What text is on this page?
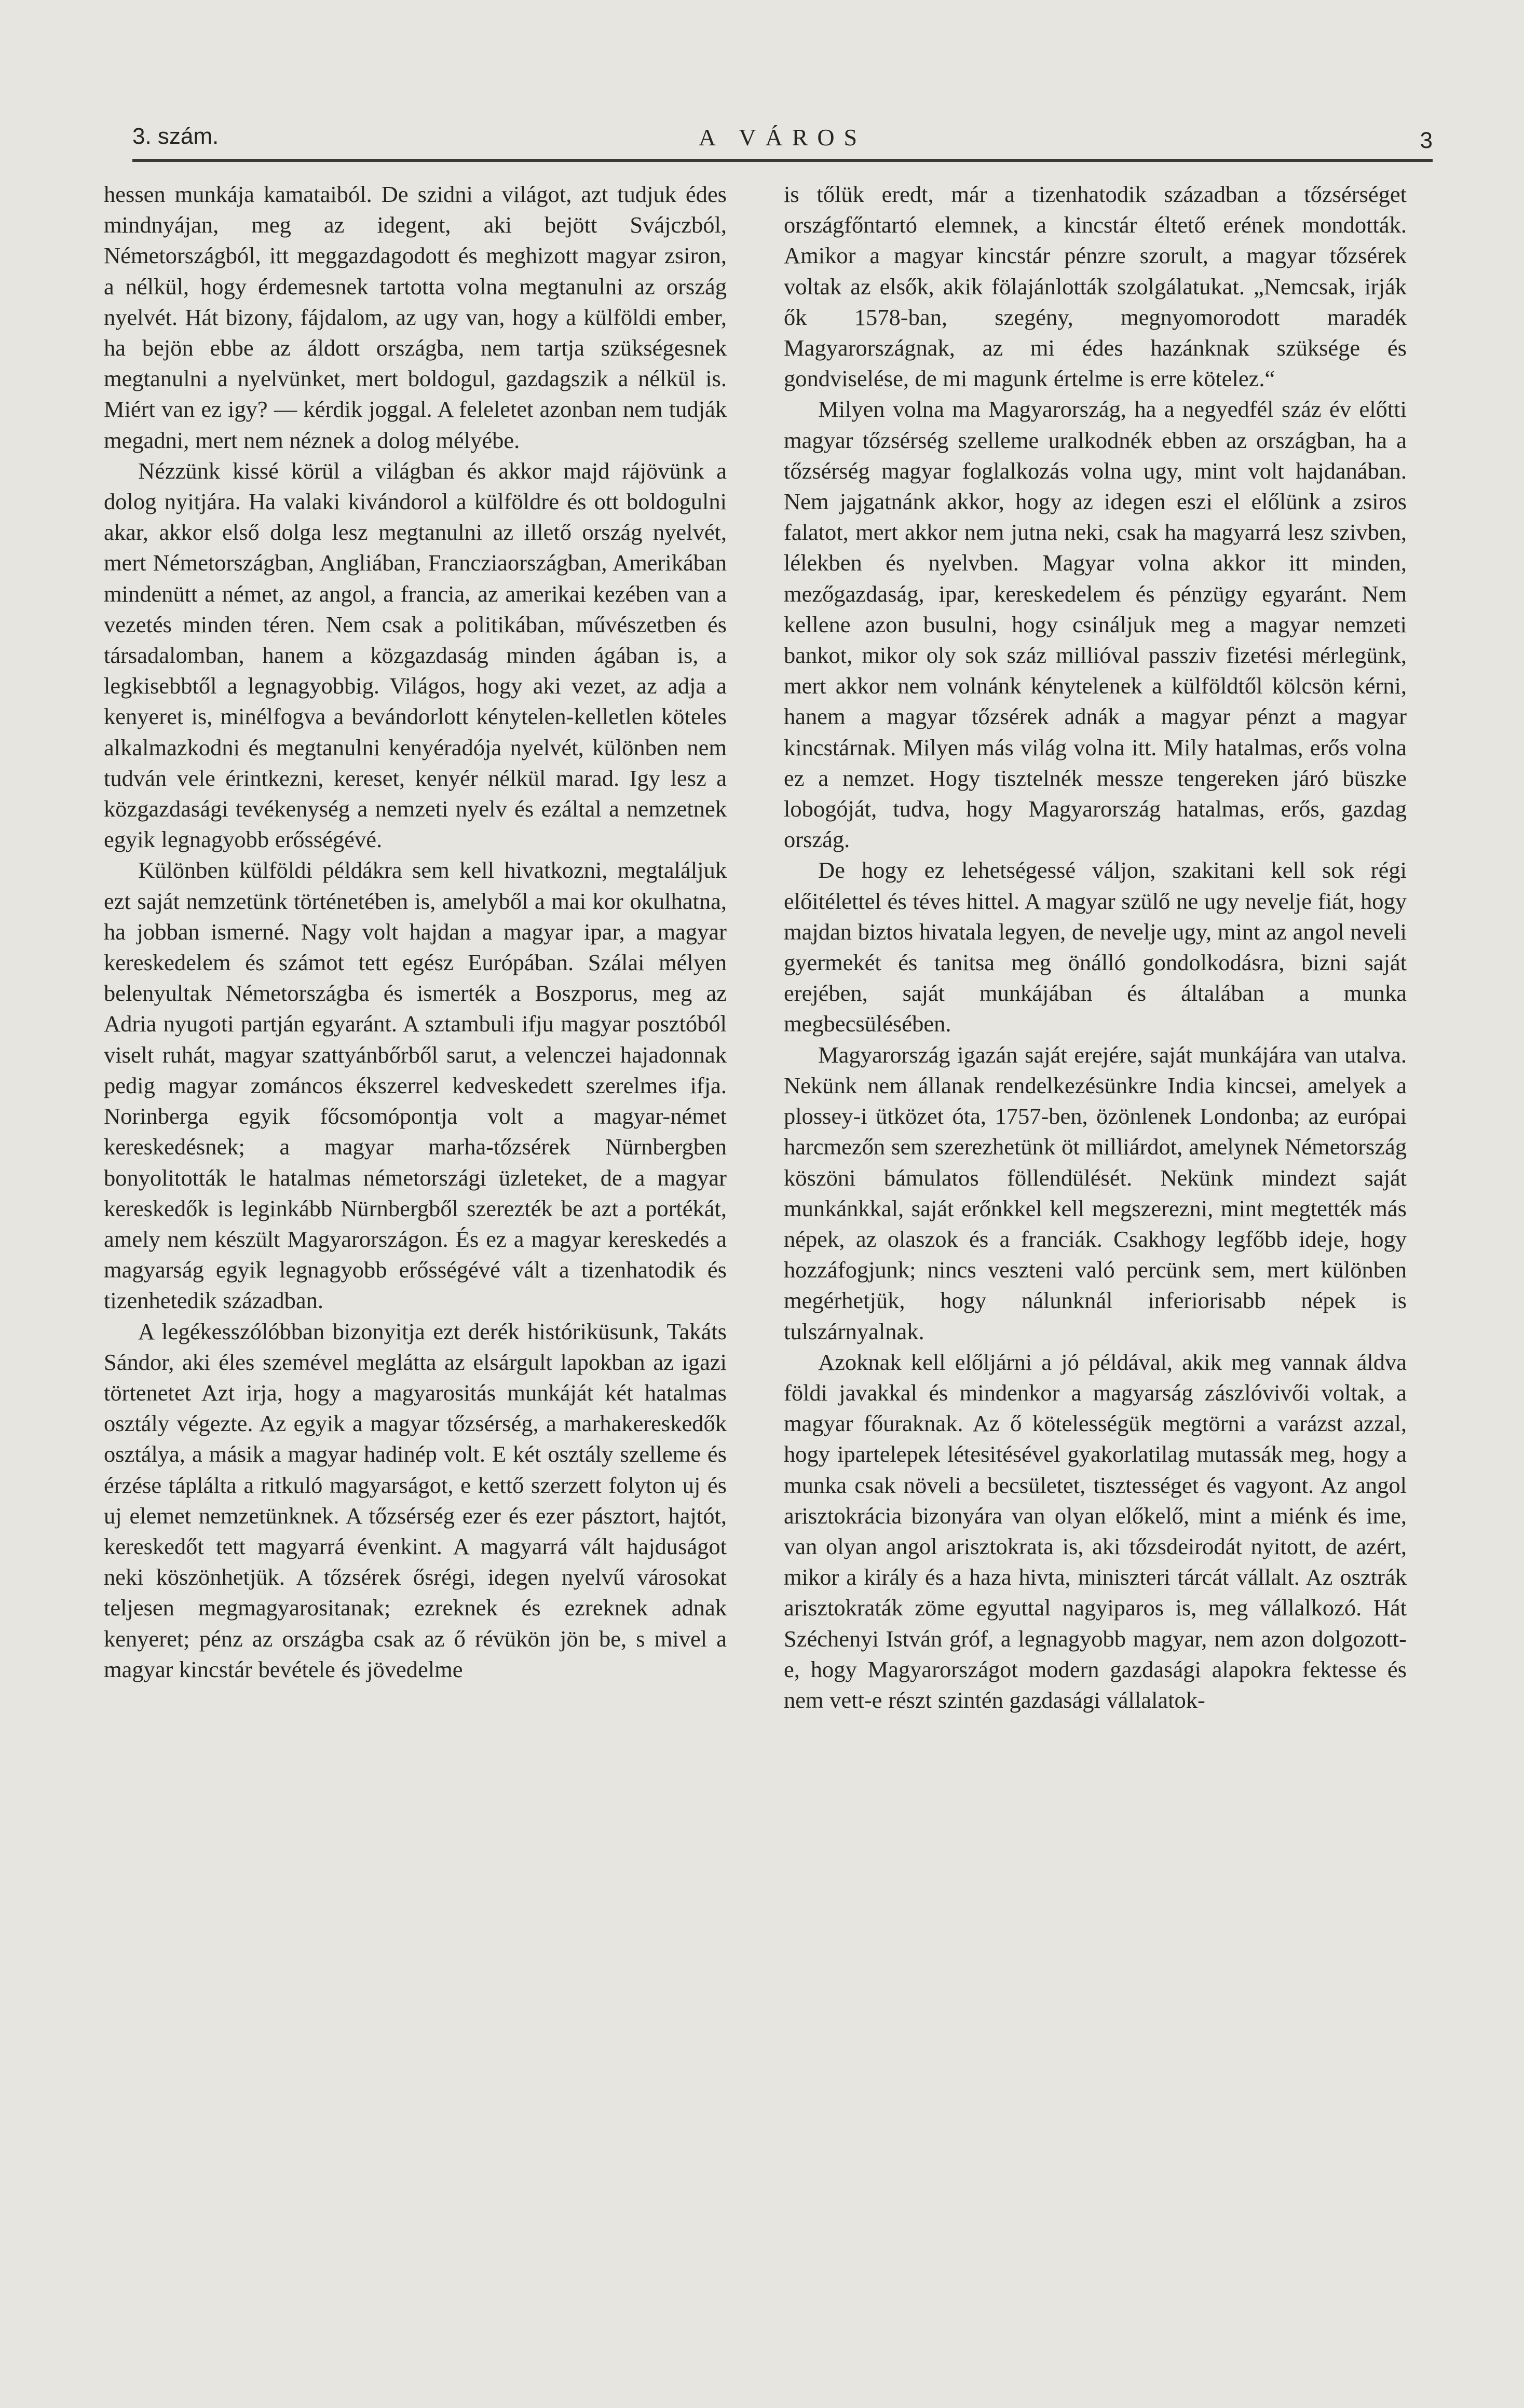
3. szám.	A VÁROS	3

hessen munkája kamataiból. De szidni a világot, azt tudjuk édes mindnyájan, meg az idegent, aki bejött Svájczból, Németországból, itt meggazdagodott és meghizott magyar zsiron, a nélkül, hogy érdemesnek tartotta volna megtanulni az ország nyelvét. Hát bizony, fájdalom, az ugy van, hogy a külföldi ember, ha bejön ebbe az áldott országba, nem tartja szükségesnek megtanulni a nyelvünket, mert boldogul, gazdagszik a nélkül is. Miért van ez igy? — kérdik joggal. A feleletet azonban nem tudják megadni, mert nem néznek a dolog mélyébe.

Nézzünk kissé körül a világban és akkor majd rájövünk a dolog nyitjára. Ha valaki kivándorol a külföldre és ott boldogulni akar, akkor első dolga lesz megtanulni az illető ország nyelvét, mert Németországban, Angliában, Francziaországban, Amerikában mindenütt a német, az angol, a francia, az amerikai kezében van a vezetés minden téren. Nem csak a politikában, művészetben és társadalomban, hanem a közgazdaság minden ágában is, a legkisebbtől a legnagyobbig. Világos, hogy aki vezet, az adja a kenyeret is, minélfogva a bevándorlott kénytelen-kelletlen köteles alkalmazkodni és megtanulni kenyéradója nyelvét, különben nem tudván vele érintkezni, kereset, kenyér nélkül marad. Igy lesz a közgazdasági tevékenység a nemzeti nyelv és ezáltal a nemzetnek egyik legnagyobb erősségévé.

Különben külföldi példákra sem kell hivatkozni, megtaláljuk ezt saját nemzetünk történetében is, amelyből a mai kor okulhatna, ha jobban ismerné. Nagy volt hajdan a magyar ipar, a magyar kereskedelem és számot tett egész Európában. Szálai mélyen belenyultak Németországba és ismerték a Boszporus, meg az Adria nyugoti partján egyaránt. A sztambuli ifju magyar posztóból viselt ruhát, magyar szattyánbőrből sarut, a velenczei hajadonnak pedig magyar zománcos ékszerrel kedveskedett szerelmes ifja. Norinberga egyik főcsomópontja volt a magyar-német kereskedésnek; a magyar marha-tőzsérek Nürnbergben bonyolitották le hatalmas németországi üzleteket, de a magyar kereskedők is leginkább Nürnbergből szerezték be azt a portékát, amely nem készült Magyarországon. És ez a magyar kereskedés a magyarság egyik legnagyobb erősségévé vált a tizenhatodik és tizenhetedik században.

A legékesszólóbban bizonyitja ezt derék históriküsunk, Takáts Sándor, aki éles szemével meglátta az elsárgult lapokban az igazi törtenetet Azt irja, hogy a magyarositás munkáját két hatalmas osztály végezte. Az egyik a magyar tőzsérség, a marhakereskedők osztálya, a másik a magyar hadinép volt. E két osztály szelleme és érzése táplálta a ritkuló magyarságot, e kettő szerzett folyton uj és uj elemet nemzetünknek. A tőzsérség ezer és ezer pásztort, hajtót, kereskedőt tett magyarrá évenkint. A magyarrá vált hajduságot neki köszönhetjük. A tőzsérek ősrégi, idegen nyelvű városokat teljesen megmagyarositanak; ezreknek és ezreknek adnak kenyeret; pénz az országba csak az ő révükön jön be, s mivel a magyar kincstár bevétele és jövedelme

is tőlük eredt, már a tizenhatodik században a tőzsérséget országfőntartó elemnek, a kincstár éltető erének mondották. Amikor a magyar kincstár pénzre szorult, a magyar tőzsérek voltak az elsők, akik fölajánlották szolgálatukat. „Nemcsak, irják ők 1578-ban, szegény, megnyomorodott maradék Magyarországnak, az mi édes hazánknak szüksége és gondviselése, de mi magunk értelme is erre kötelez.“

Milyen volna ma Magyarország, ha a negyedfél száz év előtti magyar tőzsérség szelleme uralkodnék ebben az országban, ha a tőzsérség magyar foglalkozás volna ugy, mint volt hajdanában. Nem jajgatnánk akkor, hogy az idegen eszi el előlünk a zsiros falatot, mert akkor nem jutna neki, csak ha magyarrá lesz szivben, lélekben és nyelvben. Magyar volna akkor itt minden, mezőgazdaság, ipar, kereskedelem és pénzügy egyaránt. Nem kellene azon busulni, hogy csináljuk meg a magyar nemzeti bankot, mikor oly sok száz millióval passziv fizetési mérlegünk, mert akkor nem volnánk kénytelenek a külföldtől kölcsön kérni, hanem a magyar tőzsérek adnák a magyar pénzt a magyar kincstárnak. Milyen más világ volna itt. Mily hatalmas, erős volna ez a nemzet. Hogy tisztelnék messze tengereken járó büszke lobogóját, tudva, hogy Magyarország hatalmas, erős, gazdag ország.

De hogy ez lehetségessé váljon, szakitani kell sok régi előitélettel és téves hittel. A magyar szülő ne ugy nevelje fiát, hogy majdan biztos hivatala legyen, de nevelje ugy, mint az angol neveli gyermekét és tanitsa meg önálló gondolkodásra, bizni saját erejében, saját munkájában és általában a munka megbecsülésében.

Magyarország igazán saját erejére, saját munkájára van utalva. Nekünk nem állanak rendelkezésünkre India kincsei, amelyek a plossey-i ütközet óta, 1757-ben, özönlenek Londonba; az európai harcmezőn sem szerezhetünk öt milliárdot, amelynek Németország köszöni bámulatos föllendülését. Nekünk mindezt saját munkánkkal, saját erőnkkel kell megszerezni, mint megtették más népek, az olaszok és a franciák. Csakhogy legfőbb ideje, hogy hozzáfogjunk; nincs veszteni való percünk sem, mert különben megérhetjük, hogy nálunknál inferiorisabb népek is tulszárnyalnak.

Azoknak kell előljárni a jó példával, akik meg vannak áldva földi javakkal és mindenkor a magyarság zászlóvivői voltak, a magyar főuraknak. Az ő kötelességük megtörni a varázst azzal, hogy ipartelepek létesitésével gyakorlatilag mutassák meg, hogy a munka csak növeli a becsületet, tisztességet és vagyont. Az angol arisztokrácia bizonyára van olyan előkelő, mint a miénk és ime, van olyan angol arisztokrata is, aki tőzsdeirodát nyitott, de azért, mikor a király és a haza hivta, miniszteri tárcát vállalt. Az osztrák arisztokraták zöme egyuttal nagyiparos is, meg vállalkozó. Hát Széchenyi István gróf, a legnagyobb magyar, nem azon dolgozott-e, hogy Magyarországot modern gazdasági alapokra fektesse és nem vett-e részt szintén gazdasági vállalatok-
